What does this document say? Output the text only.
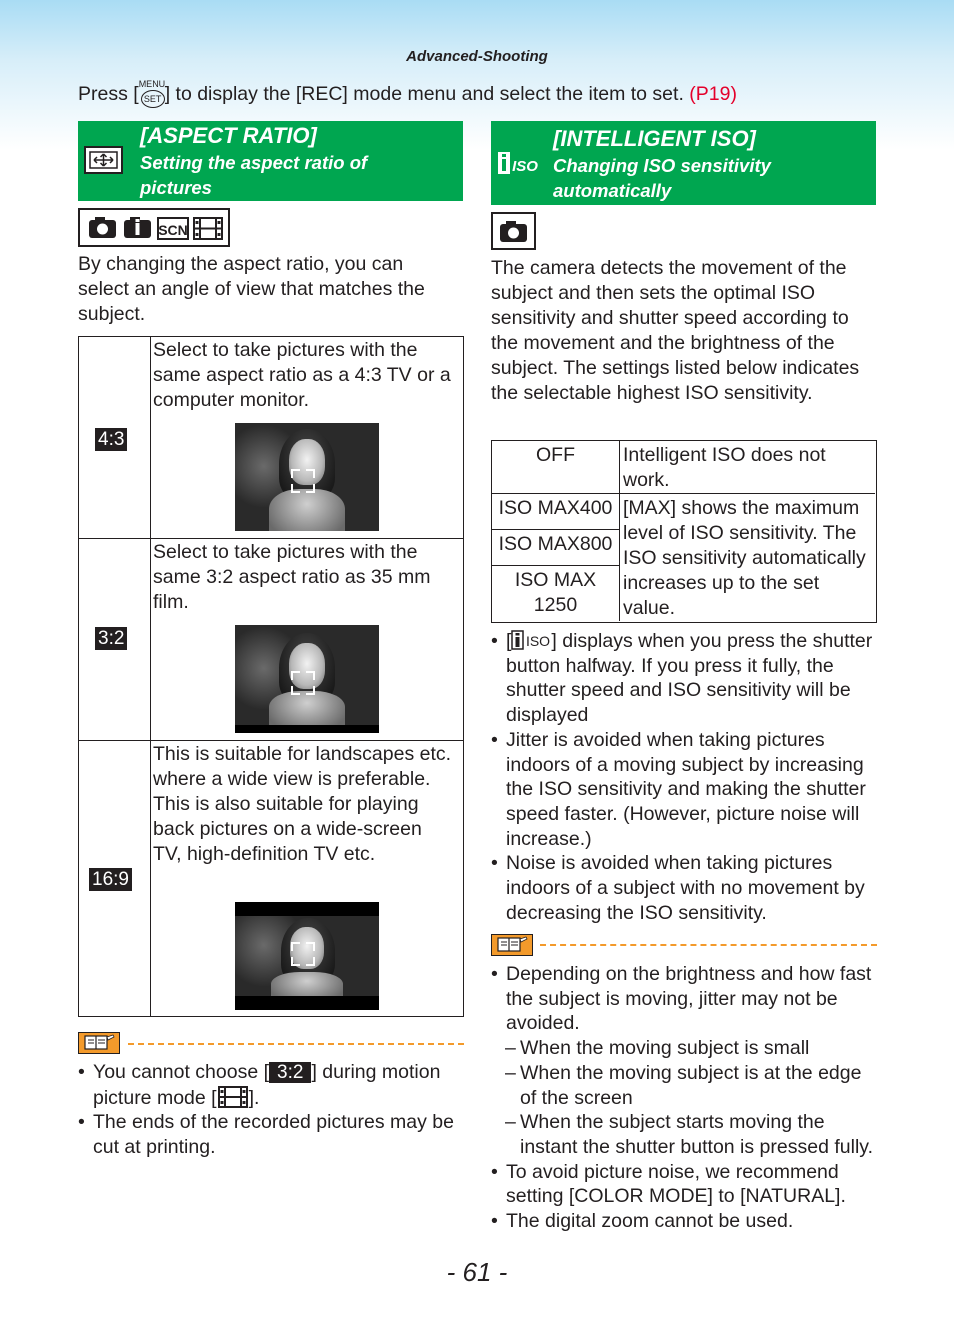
Advanced-Shooting
Press [ MENU
SET ] to display the [REC] mode menu and select the item to set. (P19)
[ASPECT RATIO]
Setting the aspect ratio of pictures
SCN
By changing the aspect ratio, you can select an angle of view that matches the subject.
4:3
Select to take pictures with the same aspect ratio as a 4:3 TV or a computer monitor.
3:2
Select to take pictures with the same 3:2 aspect ratio as 35 mm film.
16:9
This is suitable for landscapes etc. where a wide view is preferable. This is also suitable for playing back pictures on a wide-screen TV, high-definition TV etc.
• You cannot choose [ 3:2 ] during motion picture mode [ ].
• The ends of the recorded pictures may be cut at printing.
ISO
[INTELLIGENT ISO]
Changing ISO sensitivity automatically
The camera detects the movement of the subject and then sets the optimal ISO sensitivity and shutter speed according to the movement and the brightness of the subject. The settings listed below indicates the selectable highest ISO sensitivity.
OFF	Intelligent ISO does not work.
ISO MAX400
ISO MAX800
ISO MAX 1250
[MAX] shows the maximum level of ISO sensitivity. The ISO sensitivity automatically increases up to the set value.
• [ ISO ] displays when you press the shutter button halfway. If you press it fully, the shutter speed and ISO sensitivity will be displayed
• Jitter is avoided when taking pictures indoors of a moving subject by increasing the ISO sensitivity and making the shutter speed faster. (However, picture noise will increase.)
• Noise is avoided when taking pictures indoors of a subject with no movement by decreasing the ISO sensitivity.
• Depending on the brightness and how fast the subject is moving, jitter may not be avoided.
– When the moving subject is small
– When the moving subject is at the edge of the screen
– When the subject starts moving the instant the shutter button is pressed fully.
• To avoid picture noise, we recommend setting [COLOR MODE] to [NATURAL].
• The digital zoom cannot be used.
- 61 -
